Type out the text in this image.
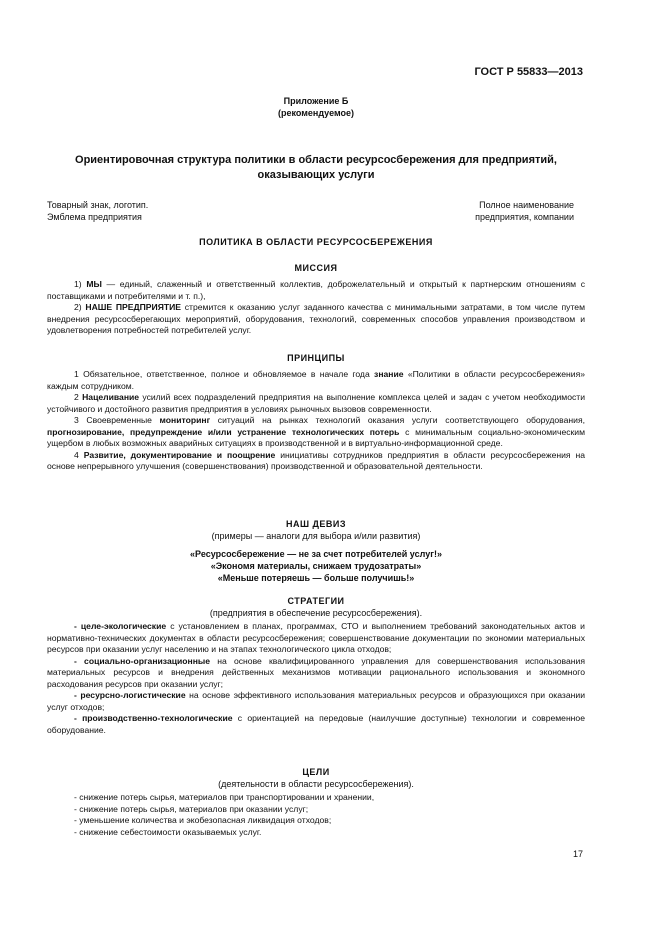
ГОСТ Р 55833—2013
Приложение Б
(рекомендуемое)
Ориентировочная структура политики в области ресурсосбережения для предприятий,
оказывающих услуги
Товарный знак, логотип.
Эмблема предприятия
Полное наименование
предприятия, компании
ПОЛИТИКА В ОБЛАСТИ РЕСУРСОСБЕРЕЖЕНИЯ
МИССИЯ

1) МЫ — единый, слаженный и ответственный коллектив, доброжелательный и открытый к партнерским отношениям с поставщиками и потребителями и т. п.),

2) НАШЕ ПРЕДПРИЯТИЕ стремится к оказанию услуг заданного качества с минимальными затратами, в том числе путем внедрения ресурсосберегающих мероприятий, оборудования, технологий, современных способов управления производством и удовлетворения потребностей потребителей услуг.

ПРИНЦИПЫ

1 Обязательное, ответственное, полное и обновляемое в начале года знание «Политики в области ресурсосбережения» каждым сотрудником.

2 Нацеливание усилий всех подразделений предприятия на выполнение комплекса целей и задач с учетом необходимости устойчивого и достойного развития предприятия в условиях рыночных вызовов современности.

3 Своевременные мониторинг ситуаций на рынках технологий оказания услуги соответствующего оборудования, прогнозирование, предупреждение и/или устранение технологических потерь с минимальным социально-экономическим ущербом в любых возможных аварийных ситуациях в производственной и в виртуально-информационной среде.

4 Развитие, документирование и поощрение инициативы сотрудников предприятия в области ресурсосбережения на основе непрерывного улучшения (совершенствования) производственной и образовательной деятельности.

НАШ ДЕВИЗ
(примеры — аналоги для выбора и/или развития)
«Ресурсосбережение — не за счет потребителей услуг!»
«Экономя материалы, снижаем трудозатраты»
«Меньше потеряешь — больше получишь!»
СТРАТЕГИИ
(предприятия в обеспечение ресурсосбережения).

- целе-экологические с установлением в планах, программах, СТО и выполнением требований законодательных актов и нормативно-технических документах в области ресурсосбережения; совершенствование документации по экономии материальных ресурсов при оказании услуг населению и на этапах технологического цикла отходов;

- социально-организационные на основе квалифицированного управления для совершенствования использования материальных ресурсов и внедрения действенных механизмов мотивации рационального использования и экономного расходования ресурсов при оказании услуг;

- ресурсно-логистические на основе эффективного использования материальных ресурсов и образующихся при оказании услуг отходов;

- производственно-технологические с ориентацией на передовые (наилучшие доступные) технологии и современное оборудование.

ЦЕЛИ
(деятельности в области ресурсосбережения).
- снижение потерь сырья, материалов при транспортировании и хранении,
- снижение потерь сырья, материалов при оказании услуг;
- уменьшение количества и экобезопасная ликвидация отходов;
- снижение себестоимости оказываемых услуг.
17
